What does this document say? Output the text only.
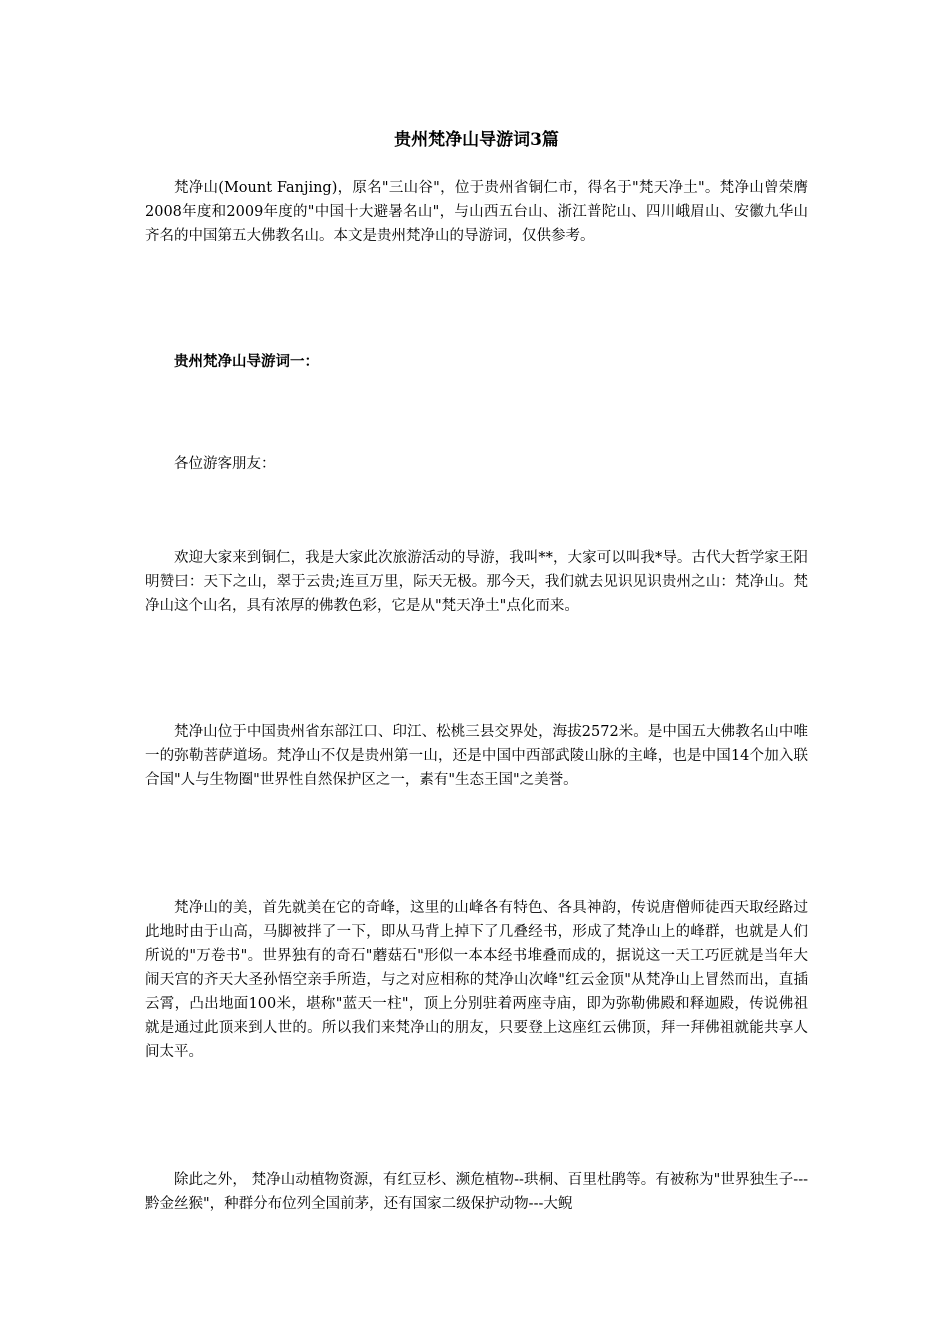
贵州梵净山导游词3篇

梵净山(Mount Fanjing)，原名"三山谷"，位于贵州省铜仁市，得名于"梵天净土"。梵净山曾荣膺2008年度和2009年度的"中国十大避暑名山"，与山西五台山、浙江普陀山、四川峨眉山、安徽九华山齐名的中国第五大佛教名山。本文是贵州梵净山的导游词，仅供参考。

贵州梵净山导游词一：

各位游客朋友：

欢迎大家来到铜仁，我是大家此次旅游活动的导游，我叫**，大家可以叫我*导。古代大哲学家王阳明赞曰：天下之山，翠于云贵;连亘万里，际天无极。那今天，我们就去见识见识贵州之山：梵净山。梵净山这个山名，具有浓厚的佛教色彩，它是从"梵天净土"点化而来。

梵净山位于中国贵州省东部江口、印江、松桃三县交界处，海拔2572米。是中国五大佛教名山中唯一的弥勒菩萨道场。梵净山不仅是贵州第一山，还是中国中西部武陵山脉的主峰，也是中国14个加入联合国"人与生物圈"世界性自然保护区之一，素有"生态王国"之美誉。

梵净山的美，首先就美在它的奇峰，这里的山峰各有特色、各具神韵，传说唐僧师徒西天取经路过此地时由于山高，马脚被拌了一下，即从马背上掉下了几叠经书，形成了梵净山上的峰群，也就是人们所说的"万卷书"。世界独有的奇石"蘑菇石"形似一本本经书堆叠而成的，据说这一天工巧匠就是当年大闹天宫的齐天大圣孙悟空亲手所造，与之对应相称的梵净山次峰"红云金顶"从梵净山上冒然而出，直插云霄，凸出地面100米，堪称"蓝天一柱"，顶上分别驻着两座寺庙，即为弥勒佛殿和释迦殿，传说佛祖就是通过此顶来到人世的。所以我们来梵净山的朋友，只要登上这座红云佛顶，拜一拜佛祖就能共享人间太平。

除此之外， 梵净山动植物资源，有红豆杉、濒危植物--珙桐、百里杜鹃等。有被称为"世界独生子---黔金丝猴"，种群分布位列全国前茅，还有国家二级保护动物---大鲵
